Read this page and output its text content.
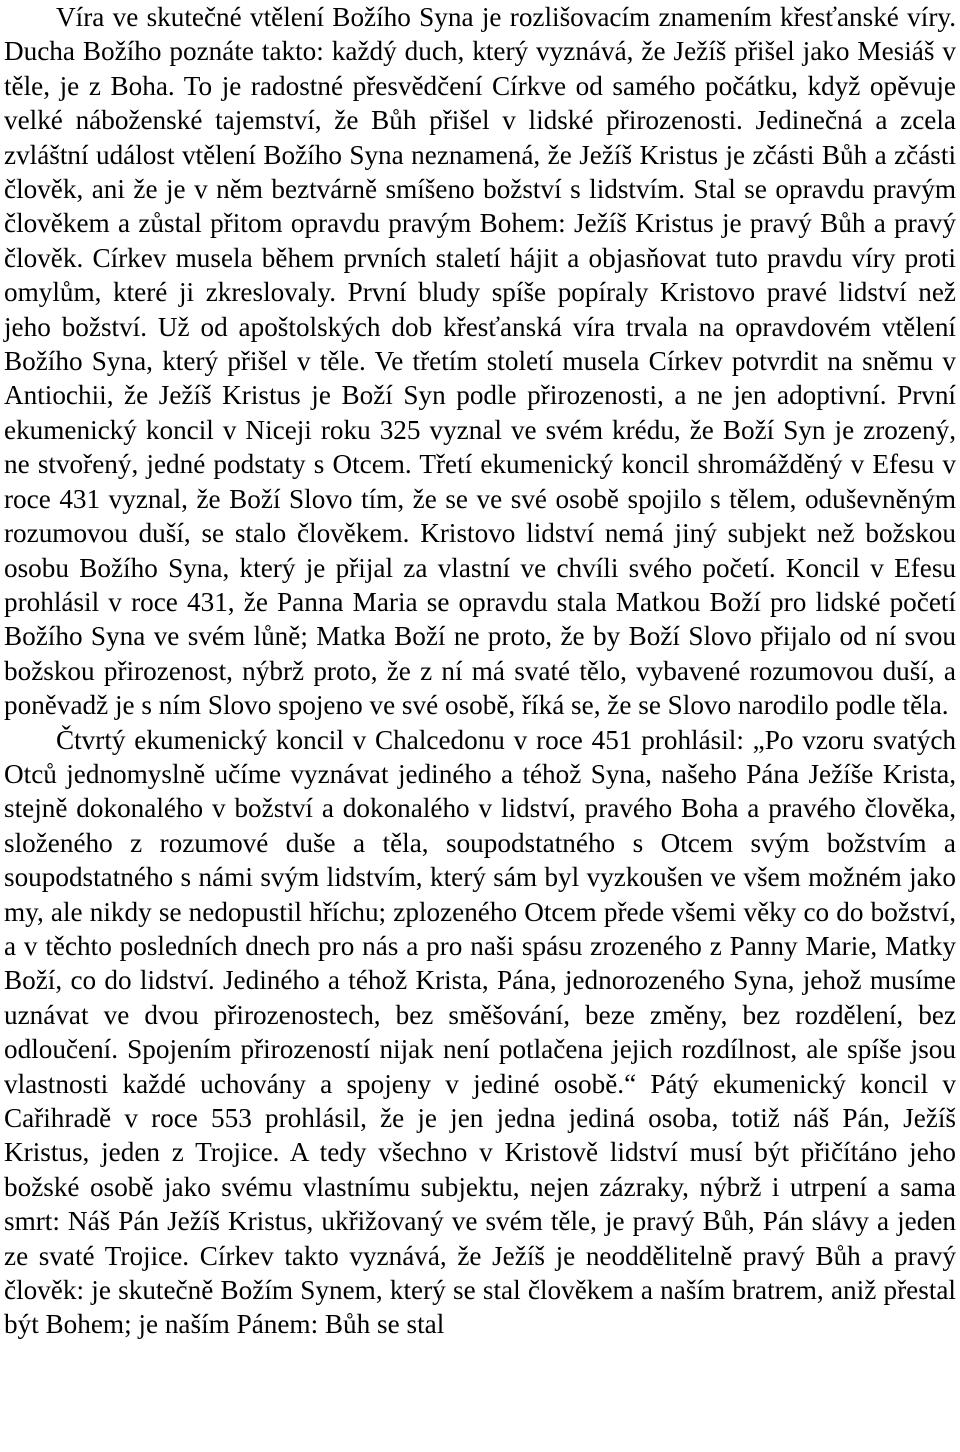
Víra ve skutečné vtělení Božího Syna je rozlišovacím znamením křesťanské víry. Ducha Božího poznáte takto: každý duch, který vyznává, že Ježíš přišel jako Mesiáš v těle, je z Boha. To je radostné přesvědčení Církve od samého počátku, když opěvuje velké náboženské tajemství, že Bůh přišel v lidské přirozenosti. Jedinečná a zcela zvláštní událost vtělení Božího Syna neznamená, že Ježíš Kristus je zčásti Bůh a zčásti člověk, ani že je v něm beztvárně smíšeno božství s lidstvím. Stal se opravdu pravým člověkem a zůstal přitom opravdu pravým Bohem: Ježíš Kristus je pravý Bůh a pravý člověk. Církev musela během prvních staletí hájit a objasňovat tuto pravdu víry proti omylům, které ji zkreslovaly. První bludy spíše popíraly Kristovo pravé lidství než jeho božství. Už od apoštolských dob křesťanská víra trvala na opravdovém vtělení Božího Syna, který přišel v těle. Ve třetím století musela Církev potvrdit na sněmu v Antiochii, že Ježíš Kristus je Boží Syn podle přirozenosti, a ne jen adoptivní. První ekumenický koncil v Niceji roku 325 vyznal ve svém krédu, že Boží Syn je zrozený, ne stvořený, jedné podstaty s Otcem. Třetí ekumenický koncil shromážděný v Efesu v roce 431 vyznal, že Boží Slovo tím, že se ve své osobě spojilo s tělem, oduševněným rozumovou duší, se stalo člověkem. Kristovo lidství nemá jiný subjekt než božskou osobu Božího Syna, který je přijal za vlastní ve chvíli svého početí. Koncil v Efesu prohlásil v roce 431, že Panna Maria se opravdu stala Matkou Boží pro lidské početí Božího Syna ve svém lůně; Matka Boží ne proto, že by Boží Slovo přijalo od ní svou božskou přirozenost, nýbrž proto, že z ní má svaté tělo, vybavené rozumovou duší, a poněvadž je s ním Slovo spojeno ve své osobě, říká se, že se Slovo narodilo podle těla.

Čtvrtý ekumenický koncil v Chalcedonu v roce 451 prohlásil: „Po vzoru svatých Otců jednomyslně učíme vyznávat jediného a téhož Syna, našeho Pána Ježíše Krista, stejně dokonalého v božství a dokonalého v lidství, pravého Boha a pravého člověka, složeného z rozumové duše a těla, soupodstatného s Otcem svým božstvím a soupodstatného s námi svým lidstvím, který sám byl vyzkoušen ve všem možném jako my, ale nikdy se nedopustil hříchu; zplozeného Otcem přede všemi věky co do božství, a v těchto posledních dnech pro nás a pro naši spásu zrozeného z Panny Marie, Matky Boží, co do lidství. Jediného a téhož Krista, Pána, jednorozeného Syna, jehož musíme uznávat ve dvou přirozenostech, bez směšování, beze změny, bez rozdělení, bez odloučení. Spojením přirozeností nijak není potlačena jejich rozdílnost, ale spíše jsou vlastnosti každé uchovány a spojeny v jediné osobě.“ Pátý ekumenický koncil v Cařihradě v roce 553 prohlásil, že je jen jedna jediná osoba, totiž náš Pán, Ježíš Kristus, jeden z Trojice. A tedy všechno v Kristově lidství musí být přičítáno jeho božské osobě jako svému vlastnímu subjektu, nejen zázraky, nýbrž i utrpení a sama smrt: Náš Pán Ježíš Kristus, ukřižovaný ve svém těle, je pravý Bůh, Pán slávy a jeden ze svaté Trojice. Církev takto vyznává, že Ježíš je neoddělitelně pravý Bůh a pravý člověk: je skutečně Božím Synem, který se stal člověkem a naším bratrem, aniž přestal být Bohem; je naším Pánem: Bůh se stal
